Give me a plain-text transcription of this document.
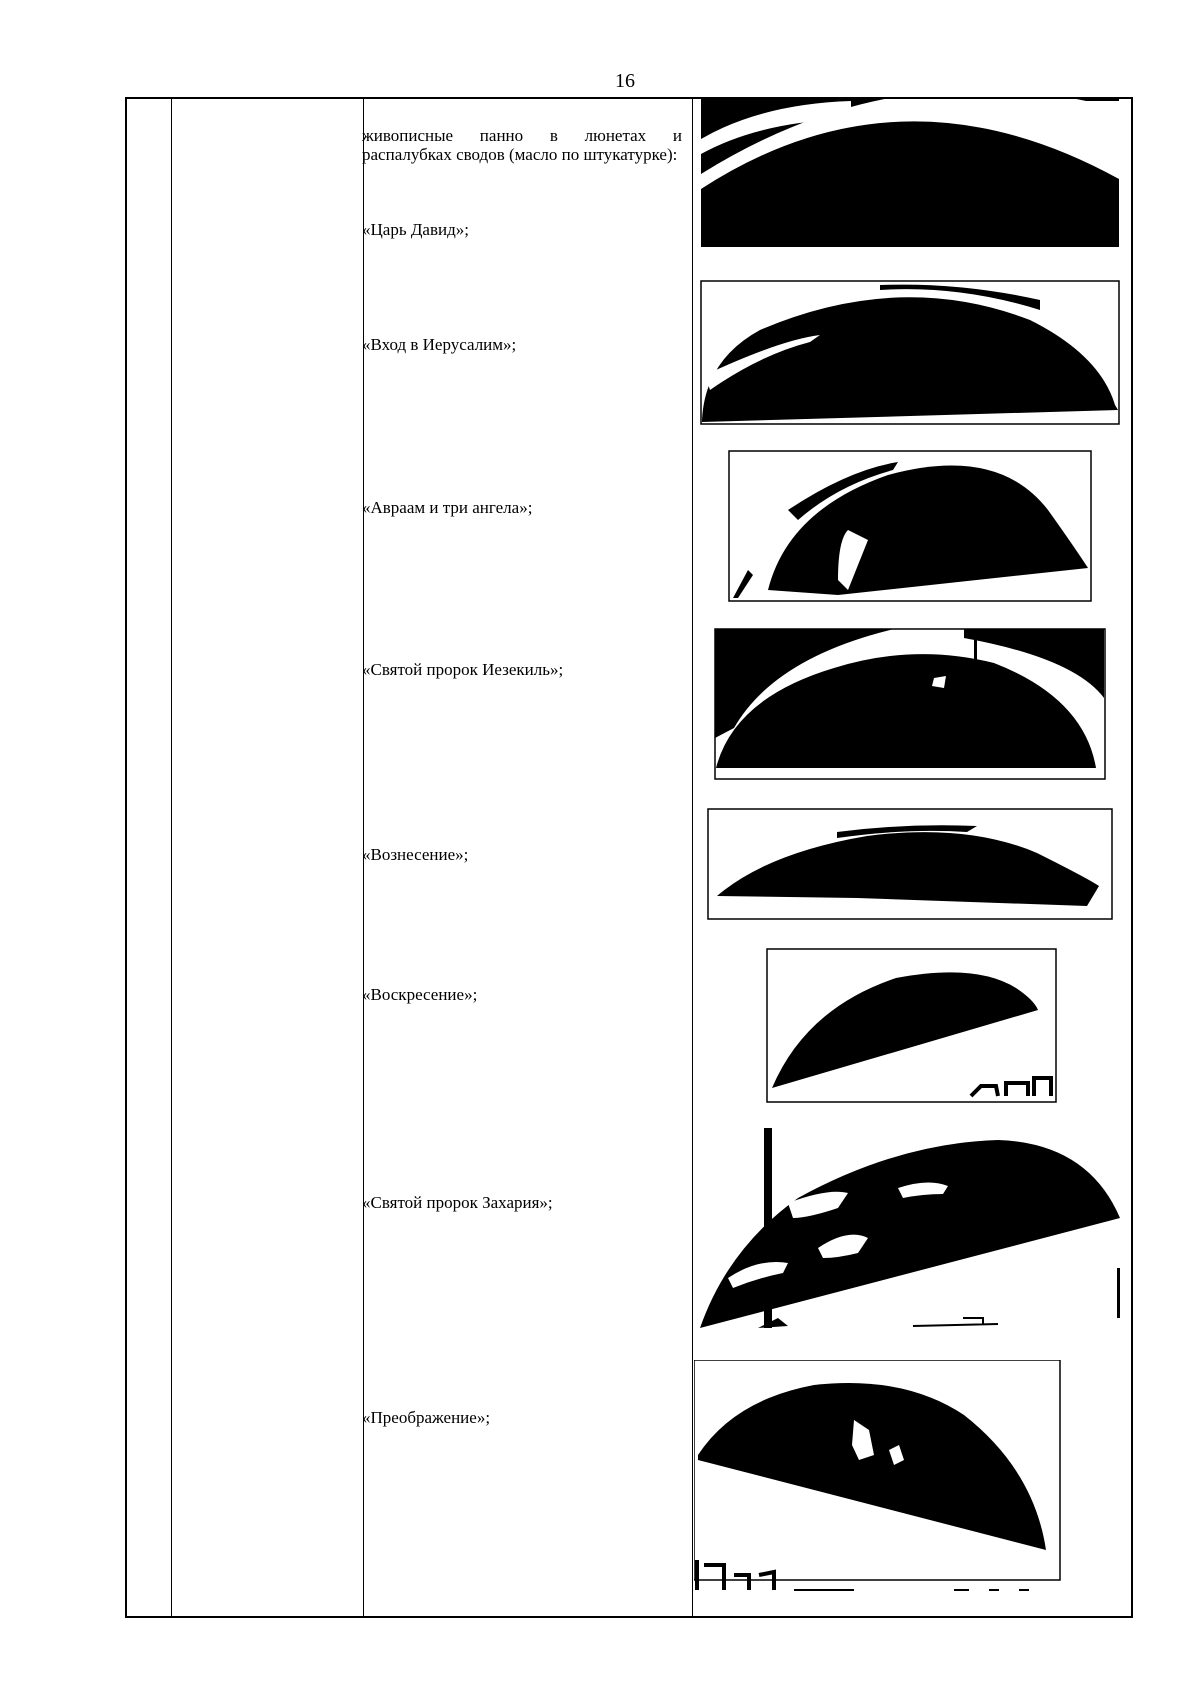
16
живописные панно в люнетах и распалубках сводов (масло по штукатурке):
«Царь Давид»;
«Вход в Иерусалим»;
«Авраам и три ангела»;
«Святой пророк Иезекиль»;
«Вознесение»;
«Воскресение»;
«Святой пророк Захария»;
«Преображение»;
